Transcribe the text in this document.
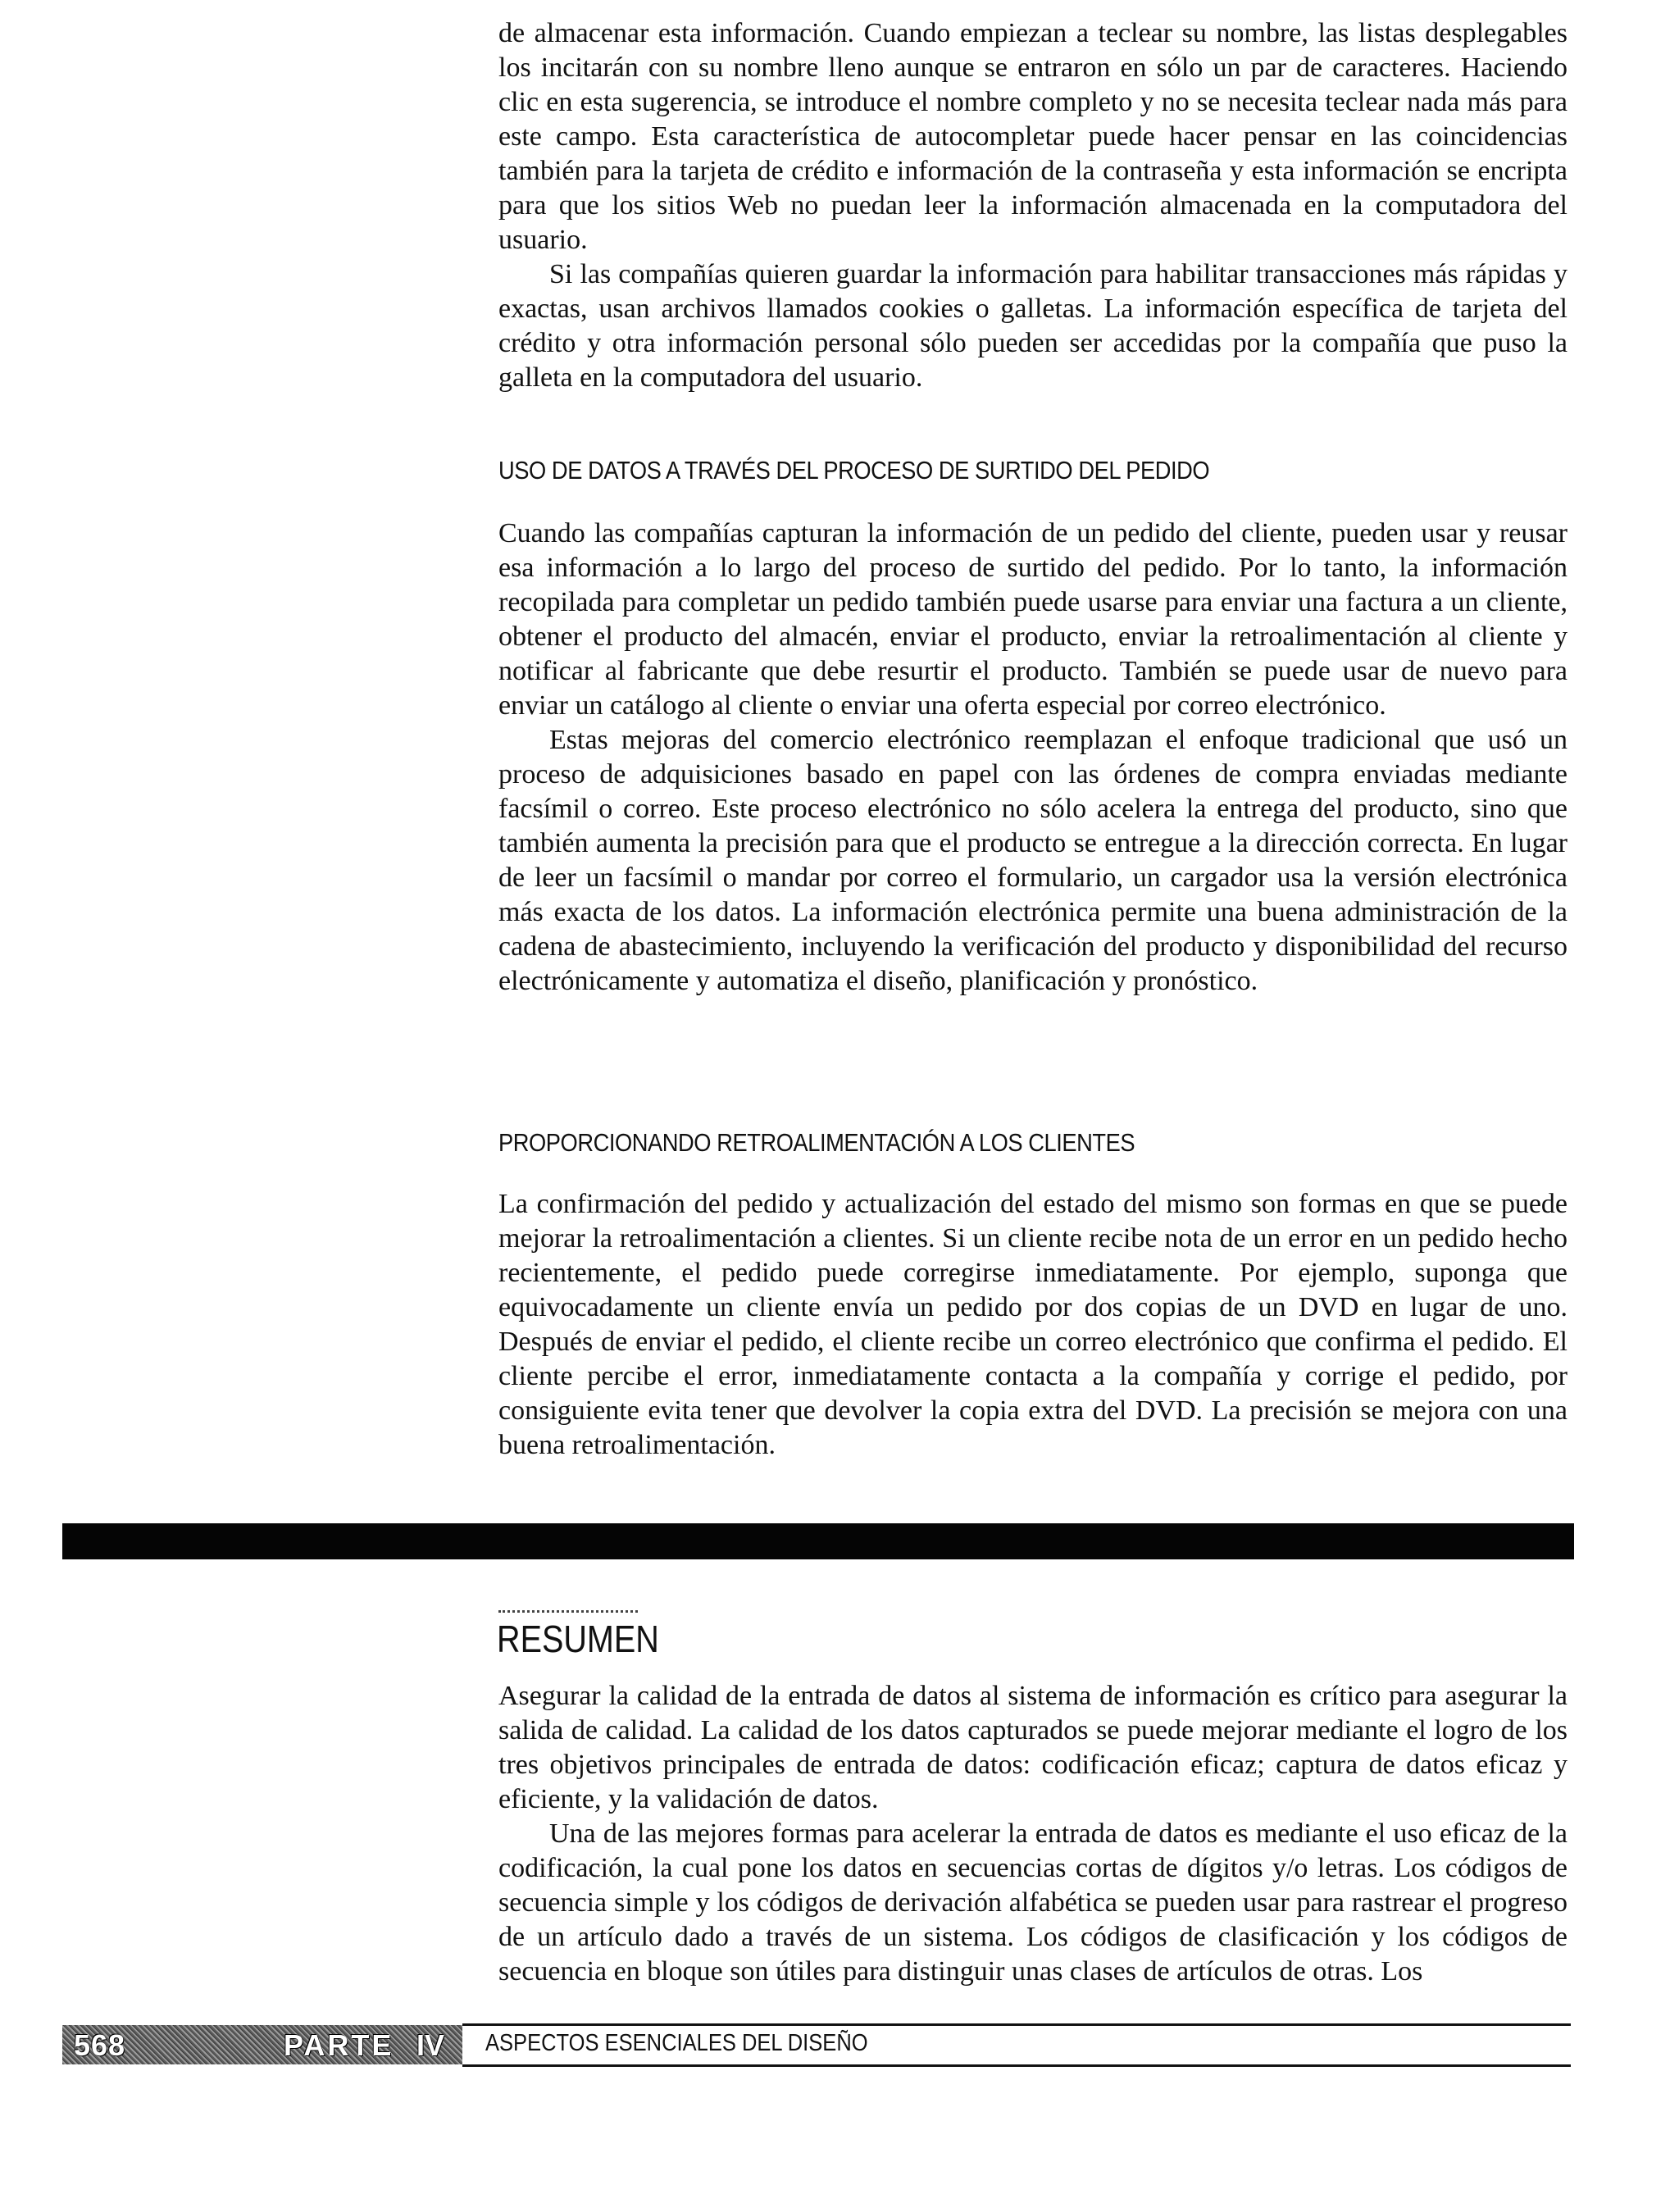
de almacenar esta información. Cuando empiezan a teclear su nombre, las listas desplegables los incitarán con su nombre lleno aunque se entraron en sólo un par de caracteres. Haciendo clic en esta sugerencia, se introduce el nombre completo y no se necesita teclear nada más para este campo. Esta característica de autocompletar puede hacer pensar en las coincidencias también para la tarjeta de crédito e información de la contraseña y esta información se encripta para que los sitios Web no puedan leer la información almacenada en la computadora del usuario.

Si las compañías quieren guardar la información para habilitar transacciones más rápidas y exactas, usan archivos llamados cookies o galletas. La información específica de tarjeta del crédito y otra información personal sólo pueden ser accedidas por la compañía que puso la galleta en la computadora del usuario.

USO DE DATOS A TRAVÉS DEL PROCESO DE SURTIDO DEL PEDIDO

Cuando las compañías capturan la información de un pedido del cliente, pueden usar y reusar esa información a lo largo del proceso de surtido del pedido. Por lo tanto, la información recopilada para completar un pedido también puede usarse para enviar una factura a un cliente, obtener el producto del almacén, enviar el producto, enviar la retroalimentación al cliente y notificar al fabricante que debe resurtir el producto. También se puede usar de nuevo para enviar un catálogo al cliente o enviar una oferta especial por correo electrónico.

Estas mejoras del comercio electrónico reemplazan el enfoque tradicional que usó un proceso de adquisiciones basado en papel con las órdenes de compra enviadas mediante facsímil o correo. Este proceso electrónico no sólo acelera la entrega del producto, sino que también aumenta la precisión para que el producto se entregue a la dirección correcta. En lugar de leer un facsímil o mandar por correo el formulario, un cargador usa la versión electrónica más exacta de los datos. La información electrónica permite una buena administración de la cadena de abastecimiento, incluyendo la verificación del producto y disponibilidad del recurso electrónicamente y automatiza el diseño, planificación y pronóstico.

PROPORCIONANDO RETROALIMENTACIÓN A LOS CLIENTES

La confirmación del pedido y actualización del estado del mismo son formas en que se puede mejorar la retroalimentación a clientes. Si un cliente recibe nota de un error en un pedido hecho recientemente, el pedido puede corregirse inmediatamente. Por ejemplo, suponga que equivocadamente un cliente envía un pedido por dos copias de un DVD en lugar de uno. Después de enviar el pedido, el cliente recibe un correo electrónico que confirma el pedido. El cliente percibe el error, inmediatamente contacta a la compañía y corrige el pedido, por consiguiente evita tener que devolver la copia extra del DVD. La precisión se mejora con una buena retroalimentación.

RESUMEN

Asegurar la calidad de la entrada de datos al sistema de información es crítico para asegurar la salida de calidad. La calidad de los datos capturados se puede mejorar mediante el logro de los tres objetivos principales de entrada de datos: codificación eficaz; captura de datos eficaz y eficiente, y la validación de datos.

Una de las mejores formas para acelerar la entrada de datos es mediante el uso eficaz de la codificación, la cual pone los datos en secuencias cortas de dígitos y/o letras. Los códigos de secuencia simple y los códigos de derivación alfabética se pueden usar para rastrear el progreso de un artículo dado a través de un sistema. Los códigos de clasificación y los códigos de secuencia en bloque son útiles para distinguir unas clases de artículos de otras. Los

568	PARTE IV ASPECTOS ESENCIALES DEL DISEÑO
